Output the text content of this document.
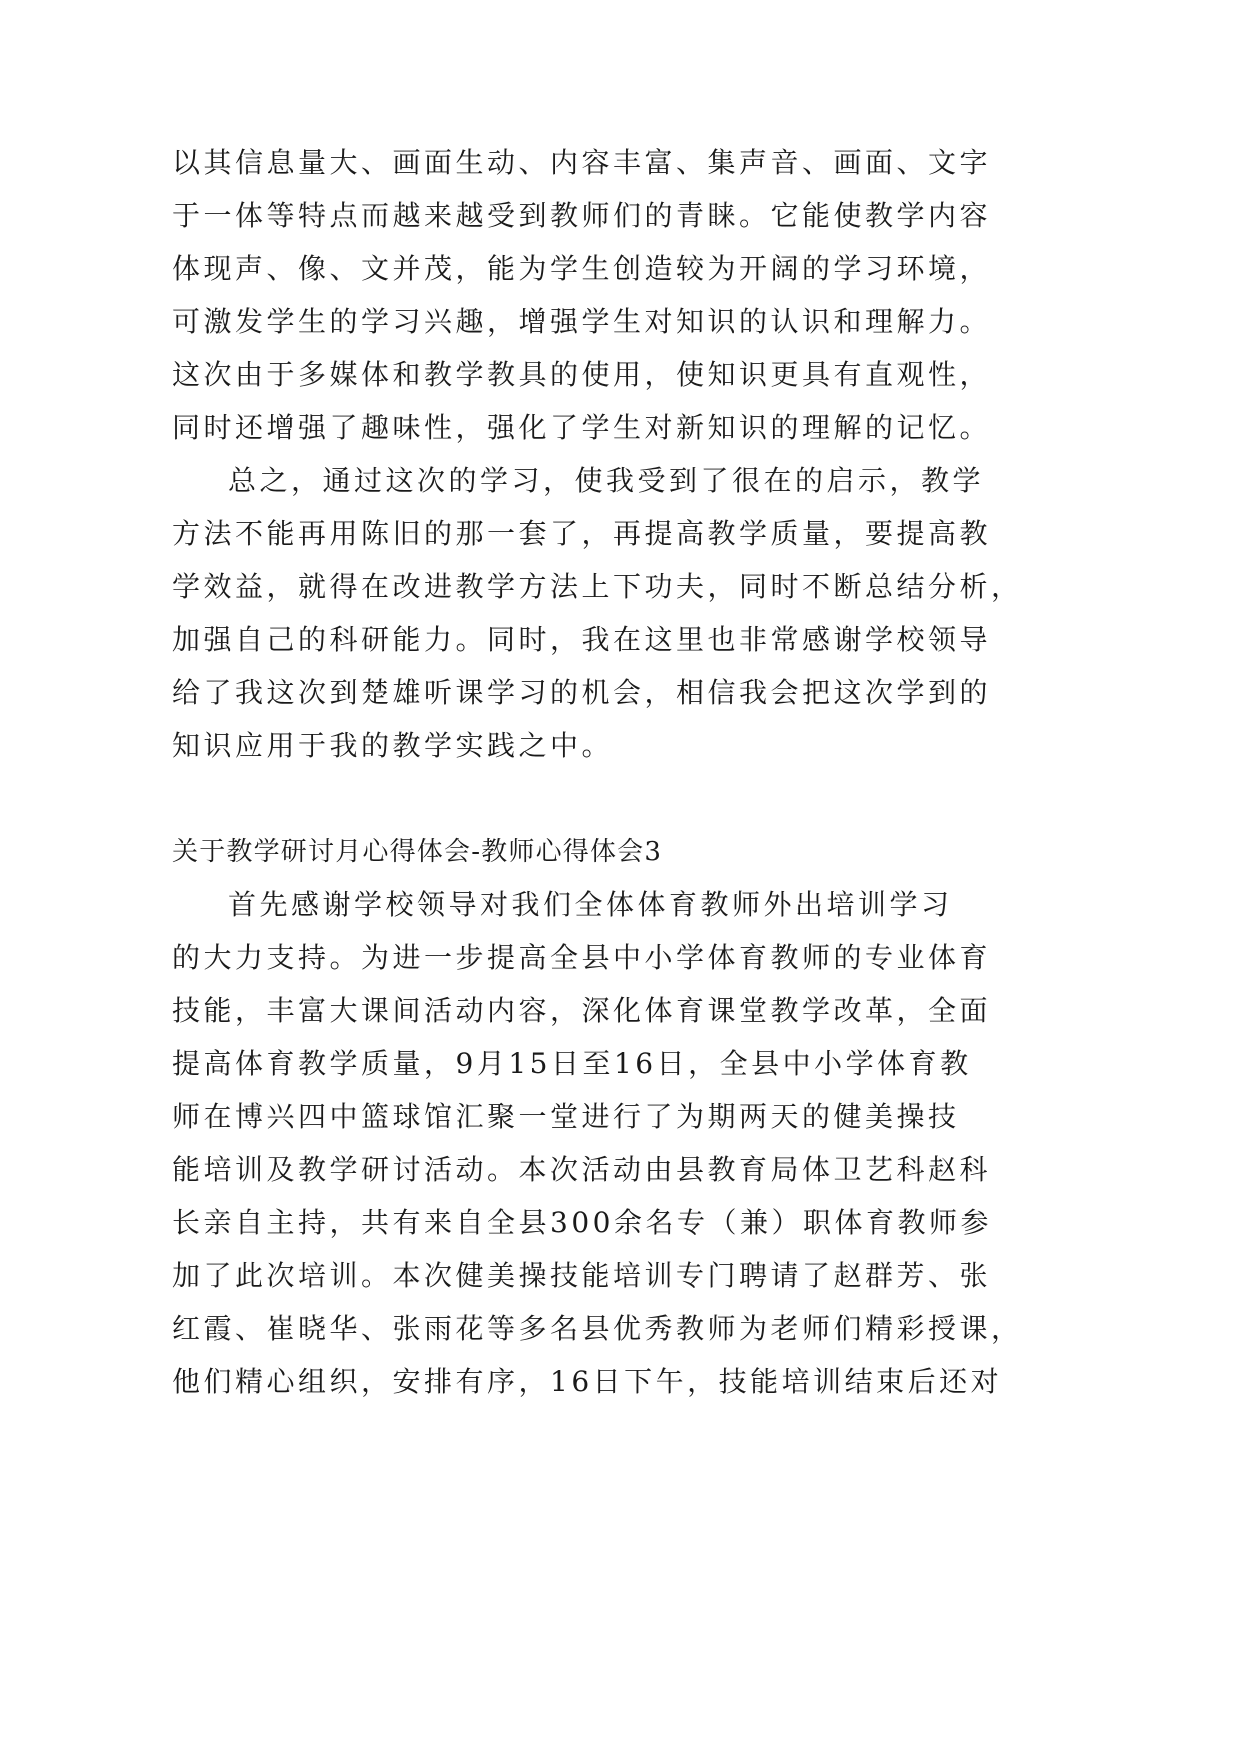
以其信息量大、画面生动、内容丰富、集声音、画面、文字
于一体等特点而越来越受到教师们的青睐。它能使教学内容
体现声、像、文并茂，能为学生创造较为开阔的学习环境，
可激发学生的学习兴趣，增强学生对知识的认识和理解力。
这次由于多媒体和教学教具的使用，使知识更具有直观性，
同时还增强了趣味性，强化了学生对新知识的理解的记忆。
总之，通过这次的学习，使我受到了很在的启示，教学
方法不能再用陈旧的那一套了，再提高教学质量，要提高教
学效益，就得在改进教学方法上下功夫，同时不断总结分析，
加强自己的科研能力。同时，我在这里也非常感谢学校领导
给了我这次到楚雄听课学习的机会，相信我会把这次学到的
知识应用于我的教学实践之中。
关于教学研讨月心得体会-教师心得体会3
首先感谢学校领导对我们全体体育教师外出培训学习
的大力支持。为进一步提高全县中小学体育教师的专业体育
技能，丰富大课间活动内容，深化体育课堂教学改革，全面
提高体育教学质量，9月15日至16日，全县中小学体育教
师在博兴四中篮球馆汇聚一堂进行了为期两天的健美操技
能培训及教学研讨活动。本次活动由县教育局体卫艺科赵科
长亲自主持，共有来自全县300余名专（兼）职体育教师参
加了此次培训。本次健美操技能培训专门聘请了赵群芳、张
红霞、崔晓华、张雨花等多名县优秀教师为老师们精彩授课，
他们精心组织，安排有序，16日下午，技能培训结束后还对
